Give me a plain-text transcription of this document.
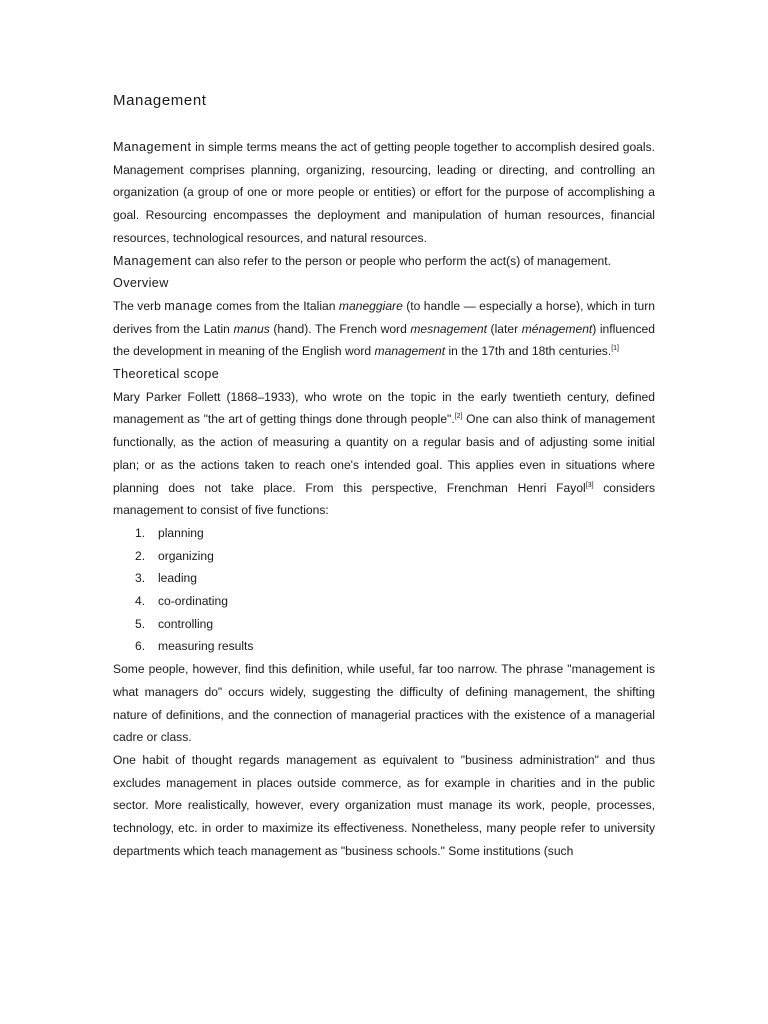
Management

Management in simple terms means the act of getting people together to accomplish desired goals. Management comprises planning, organizing, resourcing, leading or directing, and controlling an organization (a group of one or more people or entities) or effort for the purpose of accomplishing a goal. Resourcing encompasses the deployment and manipulation of human resources, financial resources, technological resources, and natural resources.

Management can also refer to the person or people who perform the act(s) of management.

Overview

The verb manage comes from the Italian maneggiare (to handle — especially a horse), which in turn derives from the Latin manus (hand). The French word mesnagement (later ménagement) influenced the development in meaning of the English word management in the 17th and 18th centuries.[1]

Theoretical scope

Mary Parker Follett (1868–1933), who wrote on the topic in the early twentieth century, defined management as "the art of getting things done through people".[2] One can also think of management functionally, as the action of measuring a quantity on a regular basis and of adjusting some initial plan; or as the actions taken to reach one's intended goal. This applies even in situations where planning does not take place. From this perspective, Frenchman Henri Fayol[3] considers management to consist of five functions:

1. planning
2. organizing
3. leading
4. co-ordinating
5. controlling
6. measuring results

Some people, however, find this definition, while useful, far too narrow. The phrase "management is what managers do" occurs widely, suggesting the difficulty of defining management, the shifting nature of definitions, and the connection of managerial practices with the existence of a managerial cadre or class.

One habit of thought regards management as equivalent to "business administration" and thus excludes management in places outside commerce, as for example in charities and in the public sector. More realistically, however, every organization must manage its work, people, processes, technology, etc. in order to maximize its effectiveness. Nonetheless, many people refer to university departments which teach management as "business schools." Some institutions (such
